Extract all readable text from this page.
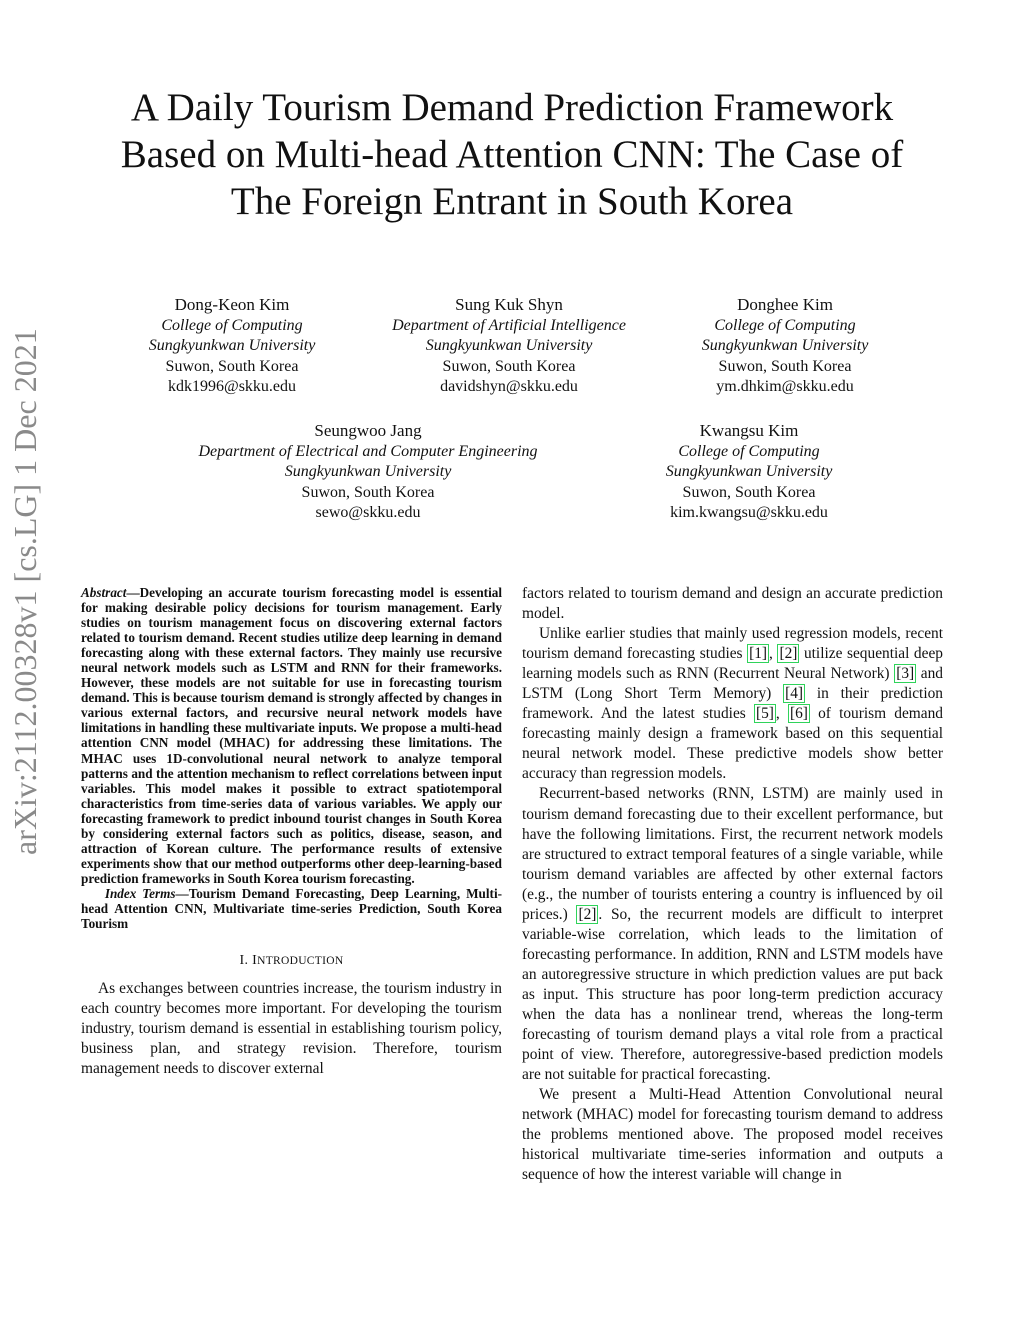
A Daily Tourism Demand Prediction Framework
Based on Multi-head Attention CNN: The Case of
The Foreign Entrant in South Korea
Dong-Keon Kim
College of Computing
Sungkyunkwan University
Suwon, South Korea
kdk1996@skku.edu
Sung Kuk Shyn
Department of Artificial Intelligence
Sungkyunkwan University
Suwon, South Korea
davidshyn@skku.edu
Donghee Kim
College of Computing
Sungkyunkwan University
Suwon, South Korea
ym.dhkim@skku.edu
Seungwoo Jang
Department of Electrical and Computer Engineering
Sungkyunkwan University
Suwon, South Korea
sewo@skku.edu
Kwangsu Kim
College of Computing
Sungkyunkwan University
Suwon, South Korea
kim.kwangsu@skku.edu
arXiv:2112.00328v1 [cs.LG] 1 Dec 2021	Abstract—Developing an accurate tourism forecasting model is essential for making desirable policy decisions for tourism management. Early studies on tourism management focus on discovering external factors related to tourism demand. Recent studies utilize deep learning in demand forecasting along with these external factors. They mainly use recursive neural network models such as LSTM and RNN for their frameworks. However, these models are not suitable for use in forecasting tourism demand. This is because tourism demand is strongly affected by changes in various external factors, and recursive neural network models have limitations in handling these multivariate inputs. We propose a multi-head attention CNN model (MHAC) for addressing these limitations. The MHAC uses 1D-convolutional neural network to analyze temporal patterns and the attention mechanism to reflect correlations between input variables. This model makes it possible to extract spatiotemporal characteristics from time-series data of various variables. We apply our forecasting framework to predict inbound tourist changes in South Korea by considering external factors such as politics, disease, season, and attraction of Korean culture. The performance results of extensive experiments show that our method outperforms other deep-learning-based prediction frameworks in South Korea tourism forecasting.

Index Terms—Tourism Demand Forecasting, Deep Learning, Multi-head Attention CNN, Multivariate time-series Prediction, South Korea Tourism

I. INTRODUCTION

As exchanges between countries increase, the tourism industry in each country becomes more important. For developing the tourism industry, tourism demand is essential in establishing tourism policy, business plan, and strategy revision. Therefore, tourism management needs to discover external

factors related to tourism demand and design an accurate prediction model.

Unlike earlier studies that mainly used regression models, recent tourism demand forecasting studies [1] , [2] utilize sequential deep learning models such as RNN (Recurrent Neural Network) [3] and LSTM (Long Short Term Memory) [4] in their prediction framework. And the latest studies [5] , [6] of tourism demand forecasting mainly design a framework based on this sequential neural network model. These predictive models show better accuracy than regression models.

Recurrent-based networks (RNN, LSTM) are mainly used in tourism demand forecasting due to their excellent performance, but have the following limitations. First, the recurrent network models are structured to extract temporal features of a single variable, while tourism demand variables are affected by other external factors (e.g., the number of tourists entering a country is influenced by oil prices.) [2] . So, the recurrent models are difficult to interpret variable-wise correlation, which leads to the limitation of forecasting performance. In addition, RNN and LSTM models have an autoregressive structure in which prediction values are put back as input. This structure has poor long-term prediction accuracy when the data has a nonlinear trend, whereas the long-term forecasting of tourism demand plays a vital role from a practical point of view. Therefore, autoregressive-based prediction models are not suitable for practical forecasting.

We present a Multi-Head Attention Convolutional neural network (MHAC) model for forecasting tourism demand to address the problems mentioned above. The proposed model receives historical multivariate time-series information and outputs a sequence of how the interest variable will change in
